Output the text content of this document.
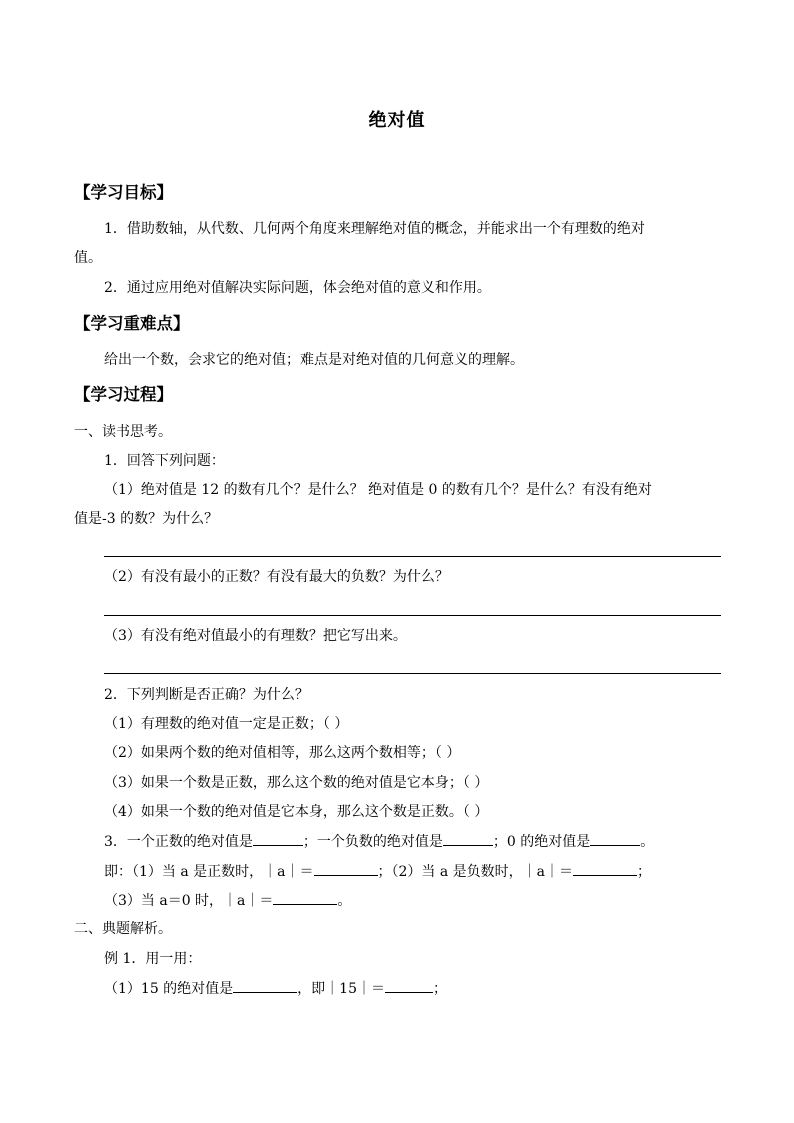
绝对值
【学习目标】
1．借助数轴，从代数、几何两个角度来理解绝对值的概念，并能求出一个有理数的绝对
值。
2．通过应用绝对值解决实际问题，体会绝对值的意义和作用。
【学习重难点】
给出一个数，会求它的绝对值；难点是对绝对值的几何意义的理解。
【学习过程】
一、读书思考。
1．回答下列问题：
（1）绝对值是 12 的数有几个？是什么？ 绝对值是 0 的数有几个？是什么？有没有绝对
值是-3 的数？为什么？
（2）有没有最小的正数？有没有最大的负数？为什么？
（3）有没有绝对值最小的有理数？把它写出来。
2．下列判断是否正确？为什么？
（1）有理数的绝对值一定是正数；（ ）
（2）如果两个数的绝对值相等，那么这两个数相等；（ ）
（3）如果一个数是正数，那么这个数的绝对值是它本身；（ ）
（4）如果一个数的绝对值是它本身，那么这个数是正数。（ ）
3．一个正数的绝对值是	；一个负数的绝对值是	；0 的绝对值是	。
即：（1）当 a 是正数时，｜a｜＝	；（2）当 a 是负数时，｜a｜＝	；
（3）当 a＝0 时，｜a｜＝	。
二、典题解析。
例 1．用一用：
（1）15 的绝对值是	，即｜15｜＝	；
